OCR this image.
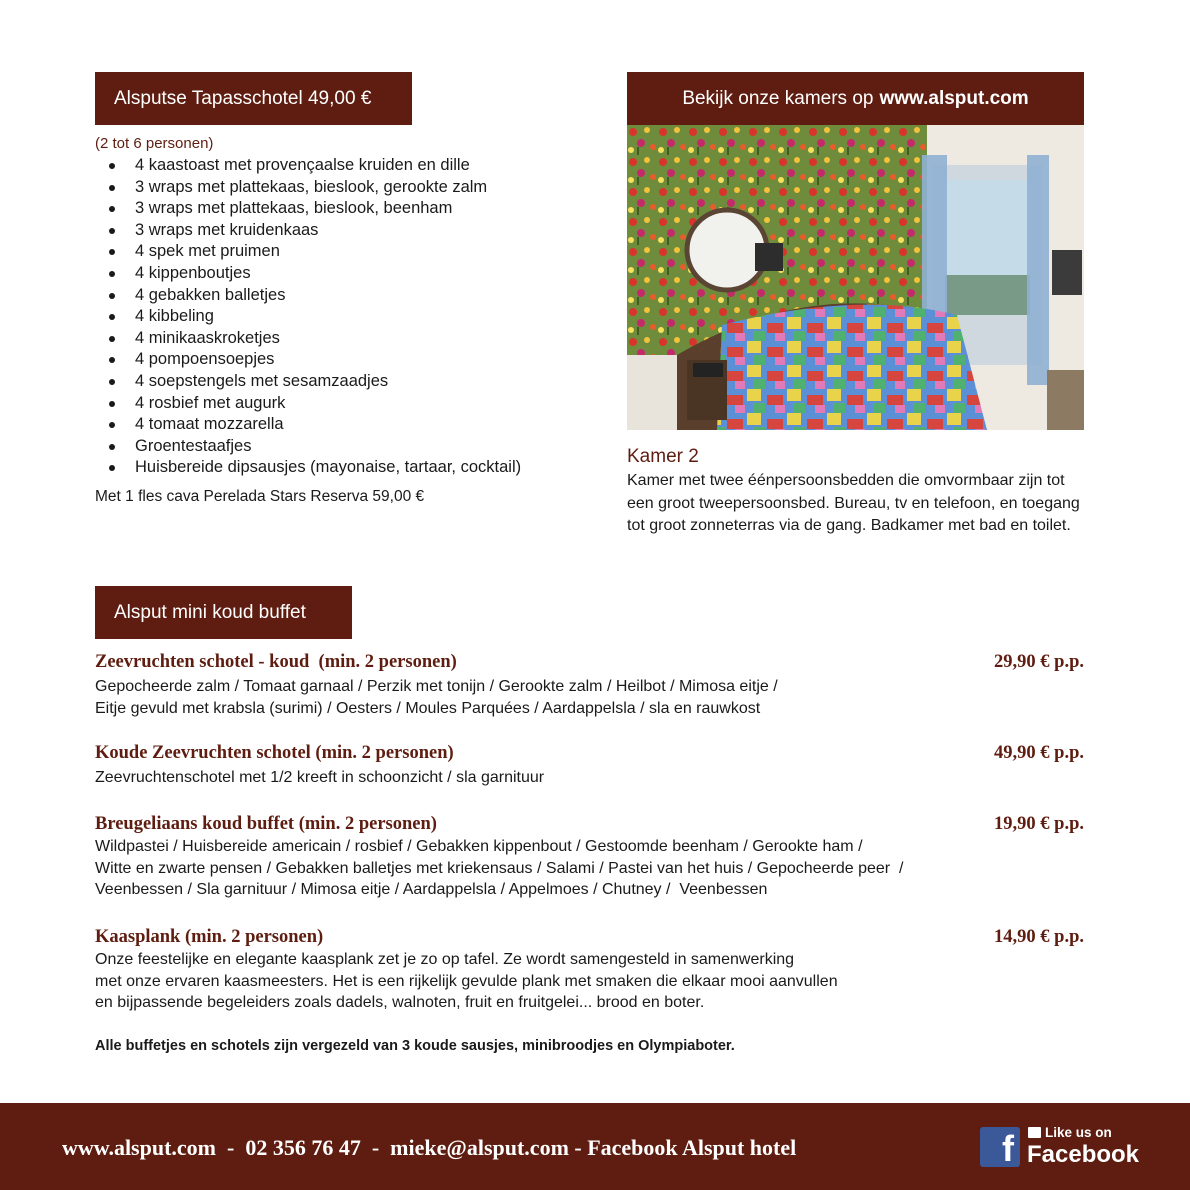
Alsputse Tapasschotel 49,00 €
(2 tot 6 personen)
4 kaastoast met provençaalse kruiden en dille
3 wraps met plattekaas, bieslook, gerookte zalm
3 wraps met plattekaas, bieslook, beenham
3 wraps met kruidenkaas
4 spek met pruimen
4 kippenboutjes
4 gebakken balletjes
4 kibbeling
4 minikaaskroketjes
4 pompoensoepjes
4 soepstengels met sesamzaadjes
4 rosbief met augurk
4 tomaat mozzarella
Groentestaafjes
Huisbereide dipsausjes (mayonaise, tartaar, cocktail)
Met 1 fles cava Perelada Stars Reserva 59,00 €
Bekijk onze kamers op www.alsput.com
Kamer 2
Kamer met twee éénpersoonsbedden die omvormbaar zijn tot een groot tweepersoonsbed. Bureau, tv en telefoon, en toegang tot groot zonneterras via de gang. Badkamer met bad en toilet.
Alsput mini koud buffet
Zeevruchten schotel - koud  (min. 2 personen)	29,90 € p.p.
Gepocheerde zalm / Tomaat garnaal / Perzik met tonijn / Gerookte zalm / Heilbot / Mimosa eitje /
Eitje gevuld met krabsla (surimi) / Oesters / Moules Parquées / Aardappelsla / sla en rauwkost
Koude Zeevruchten schotel (min. 2 personen)	49,90 € p.p.
Zeevruchtenschotel met 1/2 kreeft in schoonzicht / sla garnituur
Breugeliaans koud buffet (min. 2 personen)	19,90 € p.p.
Wildpastei / Huisbereide americain / rosbief / Gebakken kippenbout / Gestoomde beenham / Gerookte ham /
Witte en zwarte pensen / Gebakken balletjes met kriekensaus / Salami / Pastei van het huis / Gepocheerde peer  /
Veenbessen / Sla garnituur / Mimosa eitje / Aardappelsla / Appelmoes / Chutney /  Veenbessen
Kaasplank (min. 2 personen)	14,90 € p.p.
Onze feestelijke en elegante kaasplank zet je zo op tafel. Ze wordt samengesteld in samenwerking
met onze ervaren kaasmeesters. Het is een rijkelijk gevulde plank met smaken die elkaar mooi aanvullen
en bijpassende begeleiders zoals dadels, walnoten, fruit en fruitgelei... brood en boter.
Alle buffetjes en schotels zijn vergezeld van 3 koude sausjes, minibroodjes en Olympiaboter.
www.alsput.com  -  02 356 76 47  -  mieke@alsput.com - Facebook Alsput hotel	f	Like us on
Facebook
